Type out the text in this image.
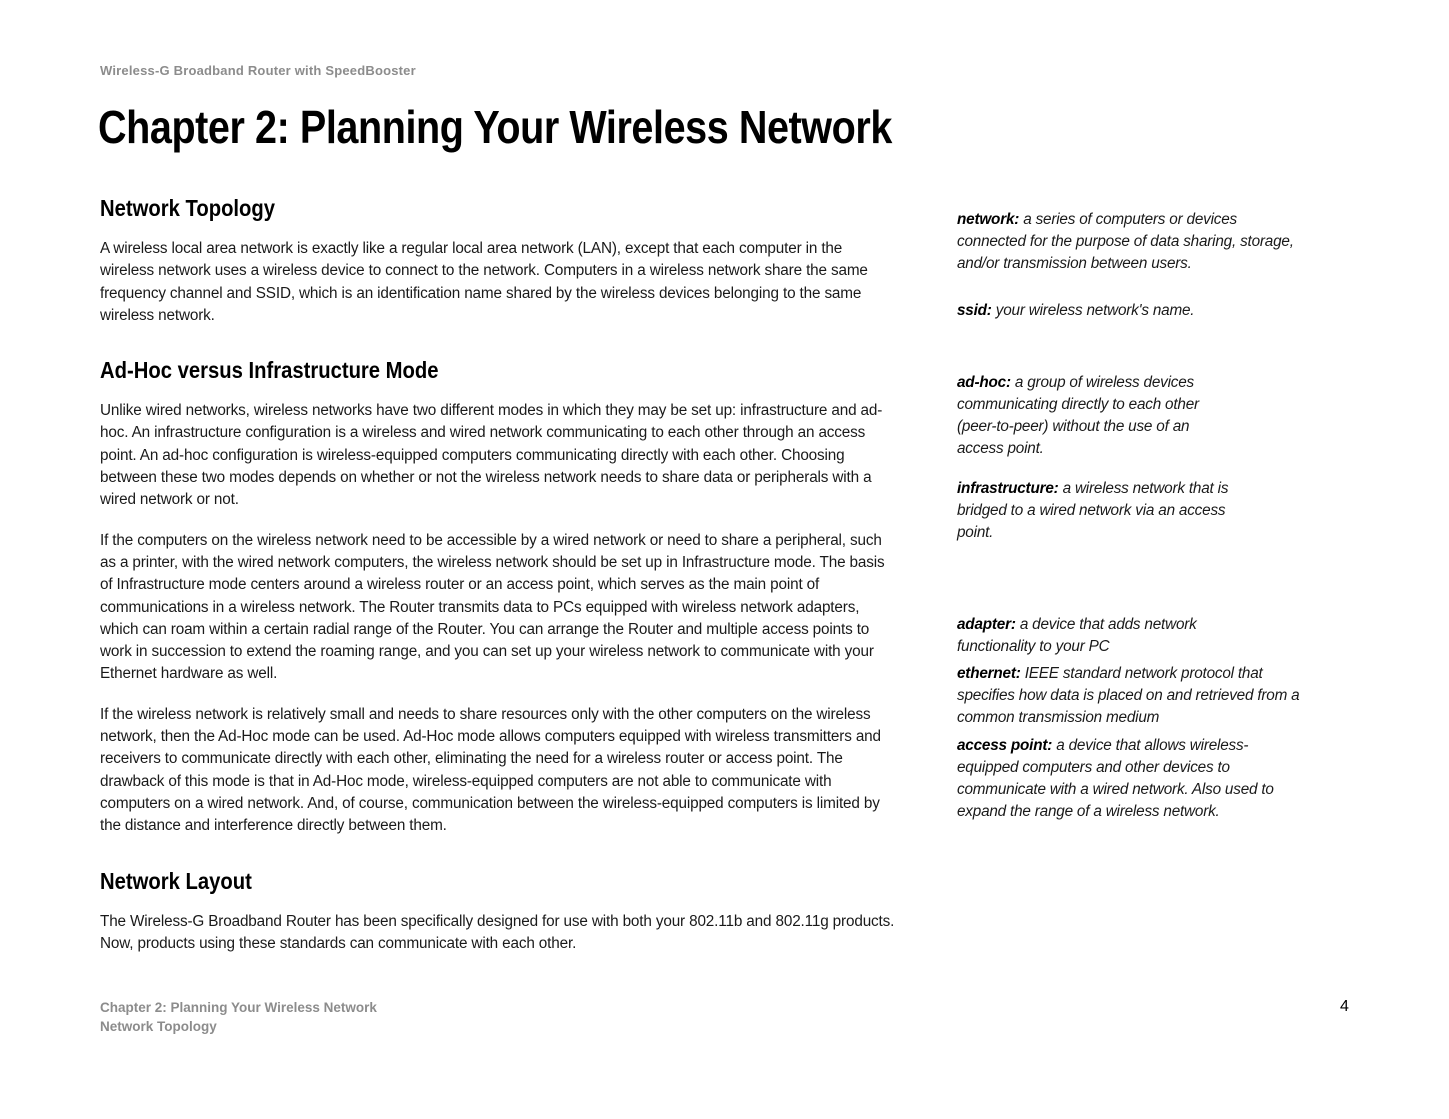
Wireless-G Broadband Router with SpeedBooster
Chapter 2: Planning Your Wireless Network
Network Topology

A wireless local area network is exactly like a regular local area network (LAN), except that each computer in the wireless network uses a wireless device to connect to the network. Computers in a wireless network share the same frequency channel and SSID, which is an identification name shared by the wireless devices belonging to the same wireless network.

Ad-Hoc versus Infrastructure Mode

Unlike wired networks, wireless networks have two different modes in which they may be set up: infrastructure and ad-hoc. An infrastructure configuration is a wireless and wired network communicating to each other through an access point. An ad-hoc configuration is wireless-equipped computers communicating directly with each other. Choosing between these two modes depends on whether or not the wireless network needs to share data or peripherals with a wired network or not.

If the computers on the wireless network need to be accessible by a wired network or need to share a peripheral, such as a printer, with the wired network computers, the wireless network should be set up in Infrastructure mode. The basis of Infrastructure mode centers around a wireless router or an access point, which serves as the main point of communications in a wireless network. The Router transmits data to PCs equipped with wireless network adapters, which can roam within a certain radial range of the Router. You can arrange the Router and multiple access points to work in succession to extend the roaming range, and you can set up your wireless network to communicate with your Ethernet hardware as well.

If the wireless network is relatively small and needs to share resources only with the other computers on the wireless network, then the Ad-Hoc mode can be used. Ad-Hoc mode allows computers equipped with wireless transmitters and receivers to communicate directly with each other, eliminating the need for a wireless router or access point. The drawback of this mode is that in Ad-Hoc mode, wireless-equipped computers are not able to communicate with computers on a wired network. And, of course, communication between the wireless-equipped computers is limited by the distance and interference directly between them.

Network Layout

The Wireless-G Broadband Router has been specifically designed for use with both your 802.11b and 802.11g products. Now, products using these standards can communicate with each other.

network: a series of computers or devices connected for the purpose of data sharing, storage, and/or transmission between users.
ssid: your wireless network's name.
ad-hoc: a group of wireless devices communicating directly to each other (peer-to-peer) without the use of an access point.
infrastructure: a wireless network that is bridged to a wired network via an access point.
adapter: a device that adds network functionality to your PC
ethernet: IEEE standard network protocol that specifies how data is placed on and retrieved from a common transmission medium
access point: a device that allows wireless-equipped computers and other devices to communicate with a wired network. Also used to expand the range of a wireless network.
Chapter 2: Planning Your Wireless Network
Network Topology
4
